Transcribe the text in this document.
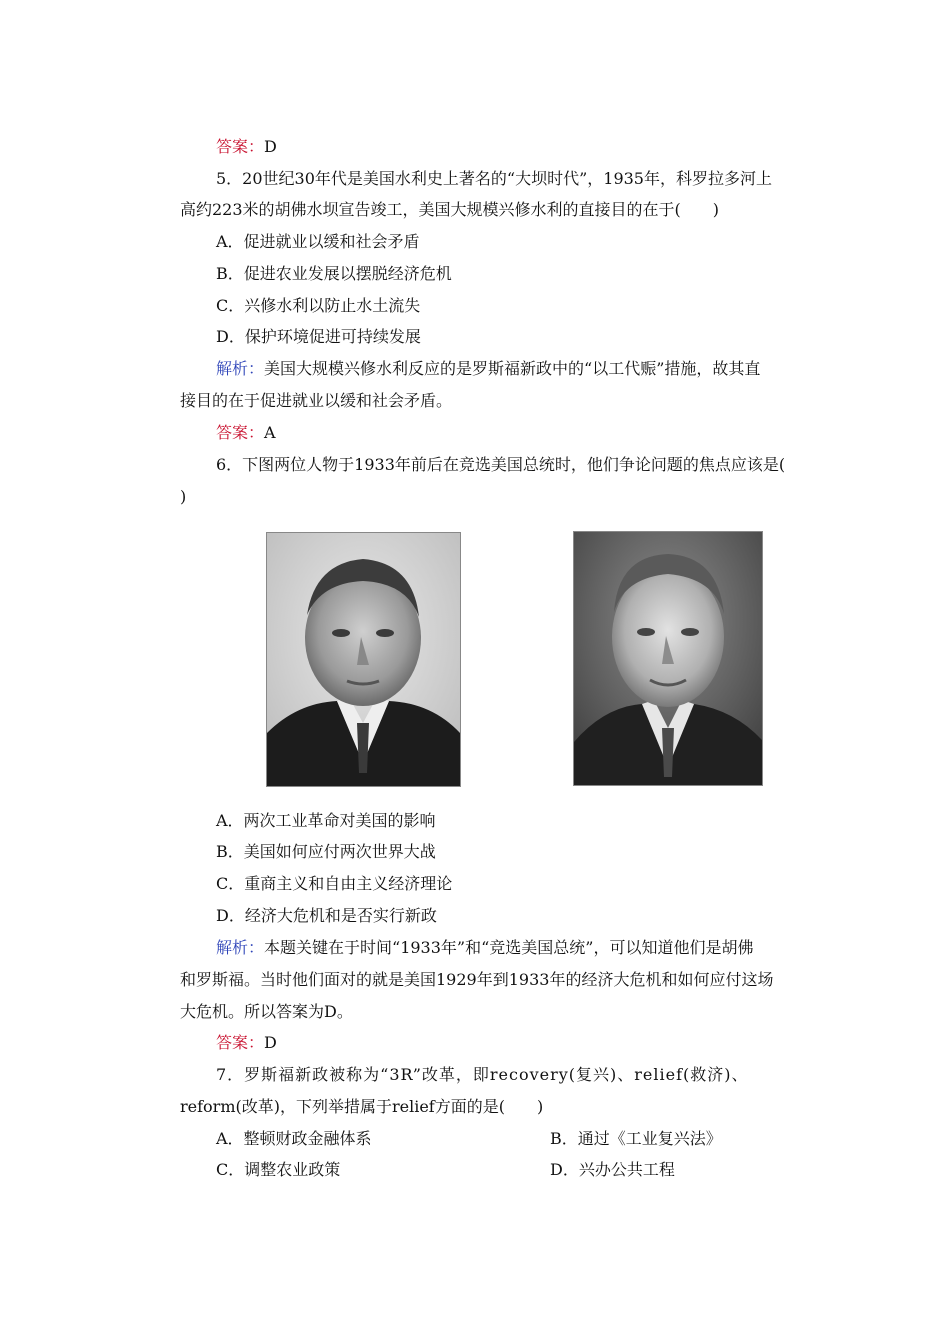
答案：D
5．20世纪30年代是美国水利史上著名的“大坝时代”，1935年，科罗拉多河上
高约223米的胡佛水坝宣告竣工，美国大规模兴修水利的直接目的在于(　　)
A．促进就业以缓和社会矛盾
B．促进农业发展以摆脱经济危机
C．兴修水利以防止水土流失
D．保护环境促进可持续发展
解析：美国大规模兴修水利反应的是罗斯福新政中的“以工代赈”措施，故其直
接目的在于促进就业以缓和社会矛盾。
答案：A
6．下图两位人物于1933年前后在竞选美国总统时，他们争论问题的焦点应该是(
)
A．两次工业革命对美国的影响
B．美国如何应付两次世界大战
C．重商主义和自由主义经济理论
D．经济大危机和是否实行新政
解析：本题关键在于时间“1933年”和“竞选美国总统”，可以知道他们是胡佛
和罗斯福。当时他们面对的就是美国1929年到1933年的经济大危机和如何应付这场
大危机。所以答案为D。
答案：D
7．罗斯福新政被称为“3R”改革，即recovery(复兴)、relief(救济)、
reform(改革)，下列举措属于relief方面的是(　　)
A．整顿财政金融体系	B．通过《工业复兴法》
C．调整农业政策	D．兴办公共工程
